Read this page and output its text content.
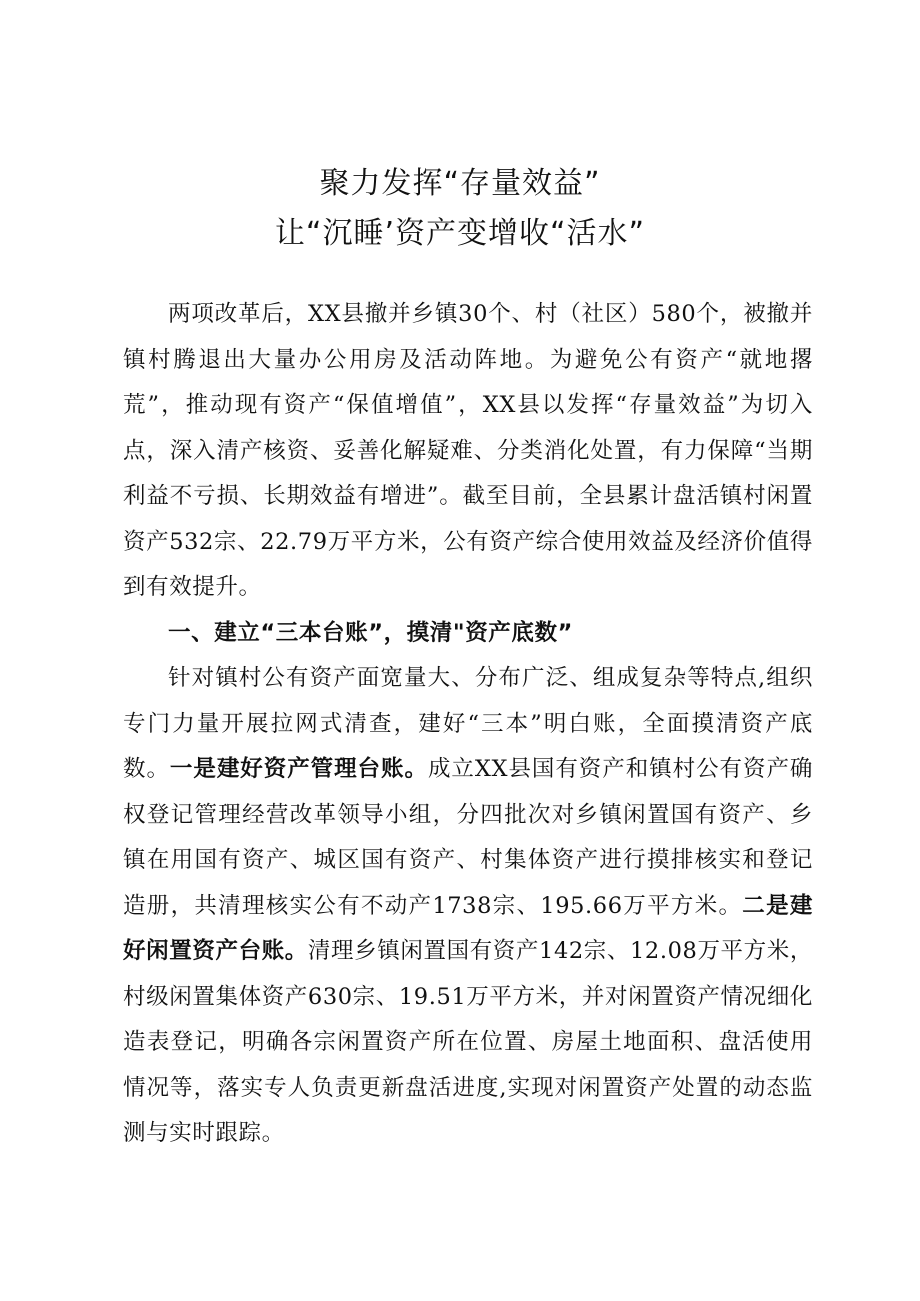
聚力发挥“存量效益”
让“沉睡’资产变增收“活水”

两项改革后，XX县撤并乡镇30个、村（社区）580个，被撤并镇村腾退出大量办公用房及活动阵地。为避免公有资产“就地撂荒”，推动现有资产“保值增值”，XX县以发挥“存量效益”为切入点，深入清产核资、妥善化解疑难、分类消化处置，有力保障“当期利益不亏损、长期效益有增进”。截至目前，全县累计盘活镇村闲置资产532宗、22.79万平方米，公有资产综合使用效益及经济价值得到有效提升。

一、建立“三本台账”，摸清"资产底数”

针对镇村公有资产面宽量大、分布广泛、组成复杂等特点,组织专门力量开展拉网式清查，建好“三本”明白账，全面摸清资产底数。一是建好资产管理台账。成立XX县国有资产和镇村公有资产确权登记管理经营改革领导小组，分四批次对乡镇闲置国有资产、乡镇在用国有资产、城区国有资产、村集体资产进行摸排核实和登记造册，共清理核实公有不动产1738宗、195.66万平方米。二是建好闲置资产台账。清理乡镇闲置国有资产142宗、12.08万平方米，村级闲置集体资产630宗、19.51万平方米，并对闲置资产情况细化造表登记，明确各宗闲置资产所在位置、房屋土地面积、盘活使用情况等，落实专人负责更新盘活进度,实现对闲置资产处置的动态监测与实时跟踪。
